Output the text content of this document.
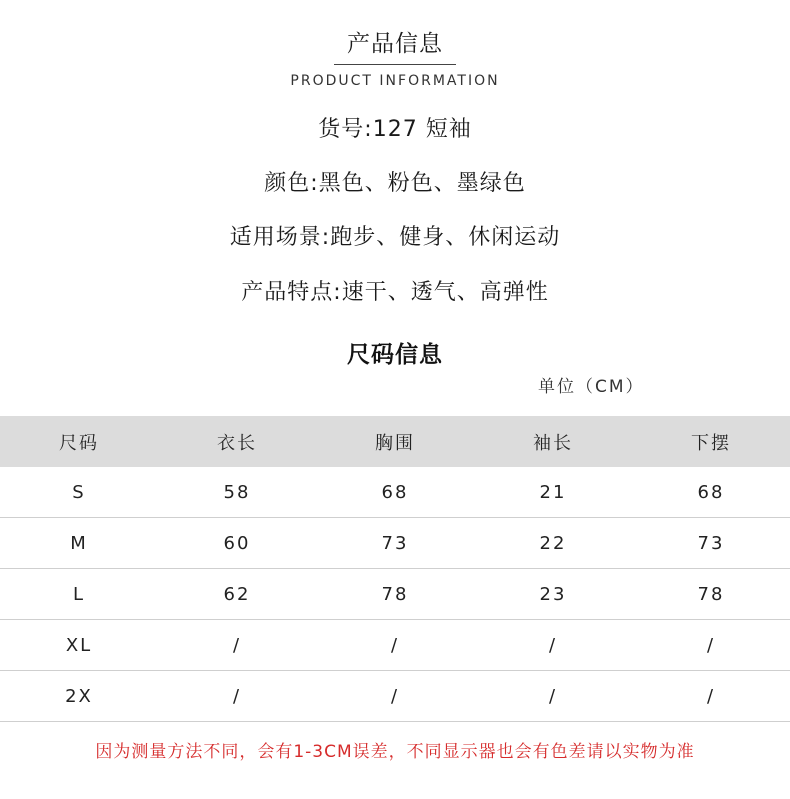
产品信息
PRODUCT INFORMATION
货号:127 短袖
颜色:黑色、粉色、墨绿色
适用场景:跑步、健身、休闲运动
产品特点:速干、透气、高弹性
尺码信息
单位（CM）
尺码	衣长	胸围	袖长	下摆
S	58	68	21	68
M	60	73	22	73
L	62	78	23	78
XL	/	/	/	/
2X	/	/	/	/
因为测量方法不同，会有1-3CM误差，不同显示器也会有色差请以实物为准
